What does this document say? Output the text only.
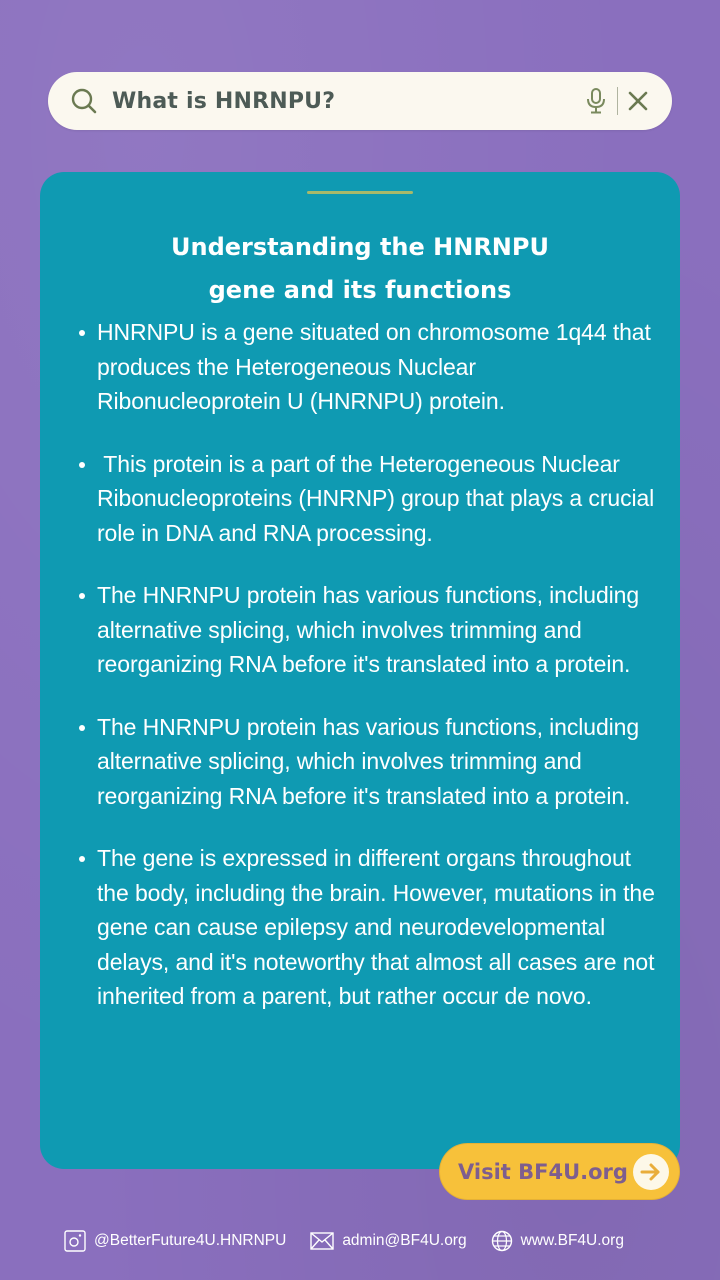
What is HNRNPU?
Understanding the HNRNPU
gene and its functions
HNRNPU is a gene situated on chromosome 1q44 that produces the Heterogeneous Nuclear Ribonucleoprotein U (HNRNPU) protein.
This protein is a part of the Heterogeneous Nuclear Ribonucleoproteins (HNRNP) group that plays a crucial role in DNA and RNA processing.
The HNRNPU protein has various functions, including alternative splicing, which involves trimming and reorganizing RNA before it's translated into a protein.
The HNRNPU protein has various functions, including alternative splicing, which involves trimming and reorganizing RNA before it's translated into a protein.
The gene is expressed in different organs throughout the body, including the brain. However, mutations in the gene can cause epilepsy and neurodevelopmental delays, and it's noteworthy that almost all cases are not inherited from a parent, but rather occur de novo.
Visit BF4U.org
@BetterFuture4U.HNRNPU	admin@BF4U.org	www.BF4U.org
